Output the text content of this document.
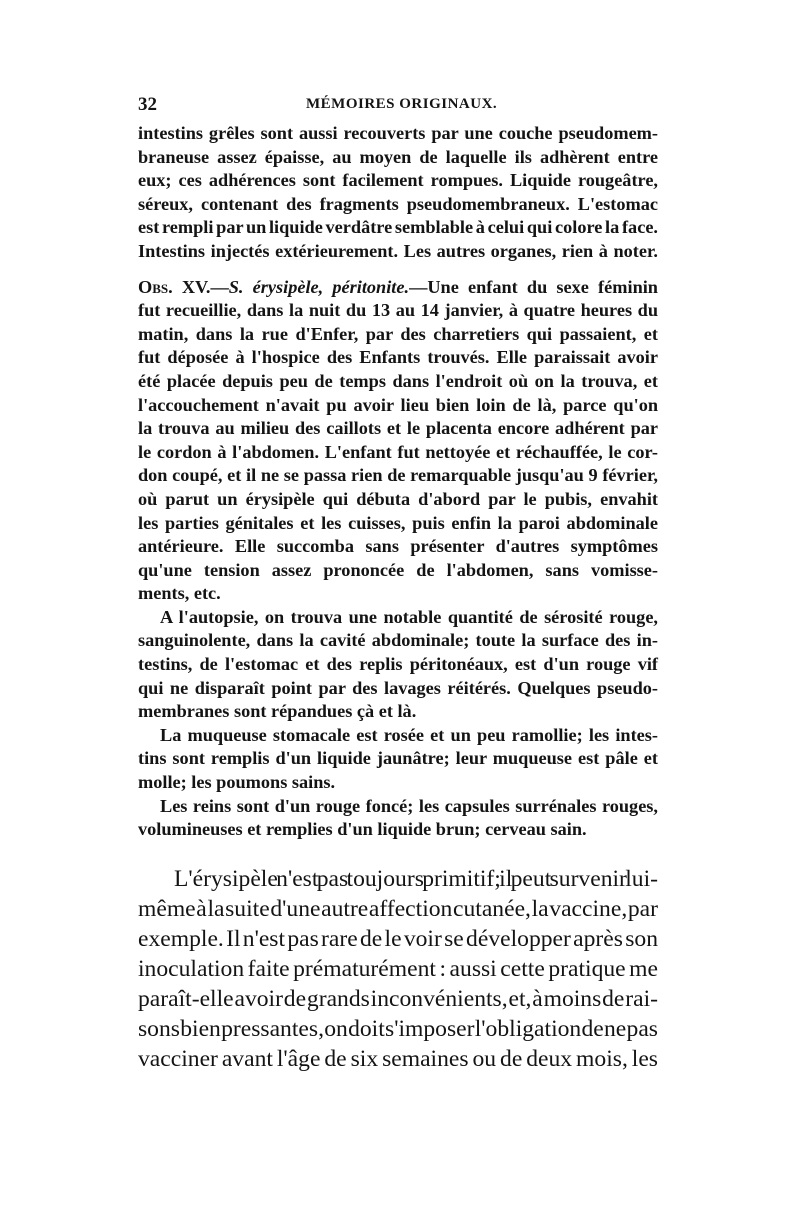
32	MÉMOIRES ORIGINAUX.

intestins grêles sont aussi recouverts par une couche pseudomem-
braneuse assez épaisse, au moyen de laquelle ils adhèrent entre
eux; ces adhérences sont facilement rompues. Liquide rougeâtre,
séreux, contenant des fragments pseudomembraneux. L'estomac
est rempli par un liquide verdâtre semblable à celui qui colore la face.
Intestins injectés extérieurement. Les autres organes, rien à noter.

Obs. XV.—S. érysipèle, péritonite.—Une enfant du sexe féminin
fut recueillie, dans la nuit du 13 au 14 janvier, à quatre heures du
matin, dans la rue d'Enfer, par des charretiers qui passaient, et
fut déposée à l'hospice des Enfants trouvés. Elle paraissait avoir
été placée depuis peu de temps dans l'endroit où on la trouva, et
l'accouchement n'avait pu avoir lieu bien loin de là, parce qu'on
la trouva au milieu des caillots et le placenta encore adhérent par
le cordon à l'abdomen. L'enfant fut nettoyée et réchauffée, le cor-
don coupé, et il ne se passa rien de remarquable jusqu'au 9 février,
où parut un érysipèle qui débuta d'abord par le pubis, envahit
les parties génitales et les cuisses, puis enfin la paroi abdominale
antérieure. Elle succomba sans présenter d'autres symptômes
qu'une tension assez prononcée de l'abdomen, sans vomisse-
ments, etc.

A l'autopsie, on trouva une notable quantité de sérosité rouge,
sanguinolente, dans la cavité abdominale; toute la surface des in-
testins, de l'estomac et des replis péritonéaux, est d'un rouge vif
qui ne disparaît point par des lavages réitérés. Quelques pseudo-
membranes sont répandues çà et là.

La muqueuse stomacale est rosée et un peu ramollie; les intes-
tins sont remplis d'un liquide jaunâtre; leur muqueuse est pâle et
molle; les poumons sains.

Les reins sont d'un rouge foncé; les capsules surrénales rouges,
volumineuses et remplies d'un liquide brun; cerveau sain.

L'érysipèle n'est pas toujours primitif; il peut survenir lui-
même à la suite d'une autre affection cutanée, la vaccine, par
exemple. Il n'est pas rare de le voir se développer après son
inoculation faite prématurément : aussi cette pratique me
paraît-elle avoir de grands inconvénients, et, à moins de rai-
sons bien pressantes, on doit s'imposer l'obligation de ne pas
vacciner avant l'âge de six semaines ou de deux mois, les
